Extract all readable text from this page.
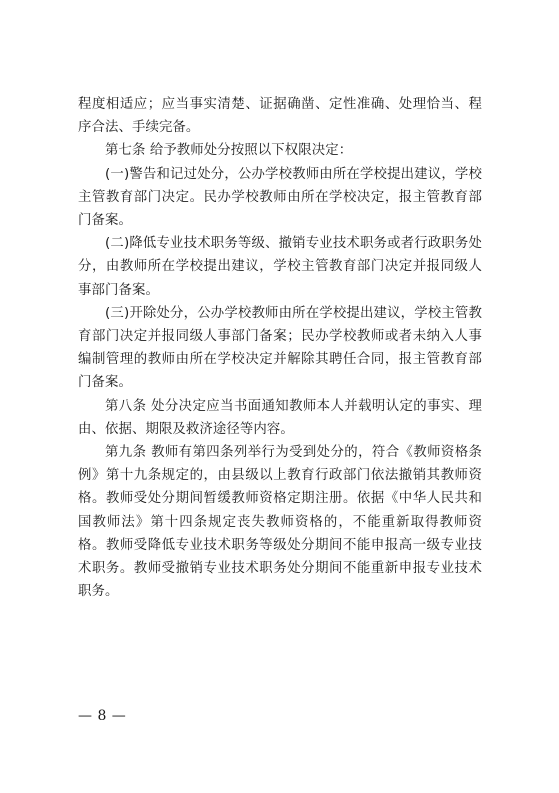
程度相适应；应当事实清楚、证据确凿、定性准确、处理恰当、程序合法、手续完备。

第七条 给予教师处分按照以下权限决定：

(一)警告和记过处分，公办学校教师由所在学校提出建议，学校主管教育部门决定。民办学校教师由所在学校决定，报主管教育部门备案。

(二)降低专业技术职务等级、撤销专业技术职务或者行政职务处分，由教师所在学校提出建议，学校主管教育部门决定并报同级人事部门备案。

(三)开除处分，公办学校教师由所在学校提出建议，学校主管教育部门决定并报同级人事部门备案；民办学校教师或者未纳入人事编制管理的教师由所在学校决定并解除其聘任合同，报主管教育部门备案。

第八条 处分决定应当书面通知教师本人并载明认定的事实、理由、依据、期限及救济途径等内容。

第九条 教师有第四条列举行为受到处分的，符合《教师资格条例》第十九条规定的，由县级以上教育行政部门依法撤销其教师资格。教师受处分期间暂缓教师资格定期注册。依据《中华人民共和国教师法》第十四条规定丧失教师资格的，不能重新取得教师资格。教师受降低专业技术职务等级处分期间不能申报高一级专业技术职务。教师受撤销专业技术职务处分期间不能重新申报专业技术职务。

— 8 —
